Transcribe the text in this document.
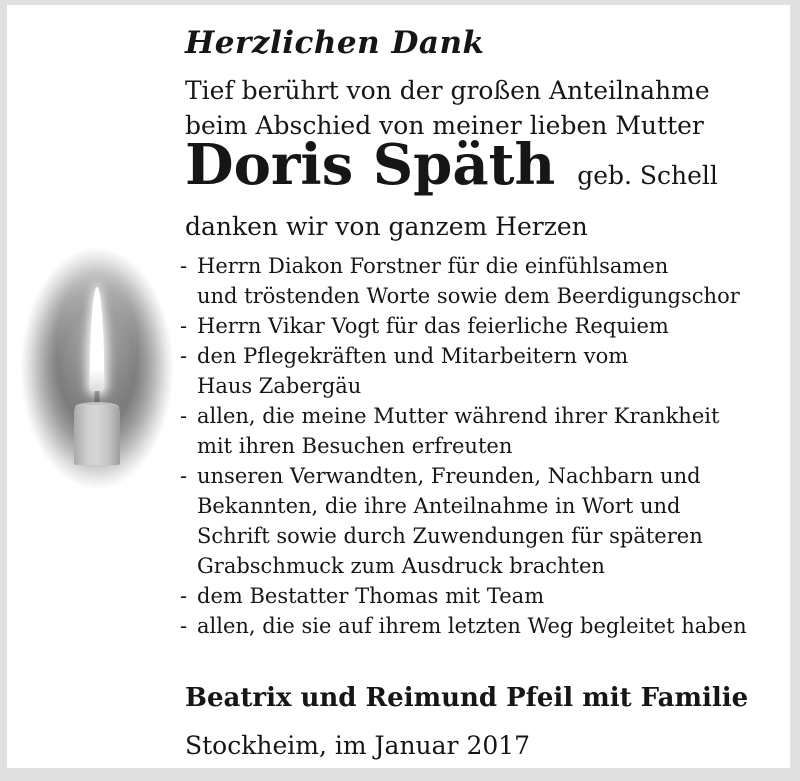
Herzlichen Dank
Tief berührt von der großen Anteilnahme
beim Abschied von meiner lieben Mutter
Doris Späth geb. Schell
danken wir von ganzem Herzen
- Herrn Diakon Forstner für die einfühlsamen
und tröstenden Worte sowie dem Beerdigungschor
- Herrn Vikar Vogt für das feierliche Requiem
- den Pflegekräften und Mitarbeitern vom
Haus Zabergäu
- allen, die meine Mutter während ihrer Krankheit
mit ihren Besuchen erfreuten
- unseren Verwandten, Freunden, Nachbarn und
Bekannten, die ihre Anteilnahme in Wort und
Schrift sowie durch Zuwendungen für späteren
Grabschmuck zum Ausdruck brachten
- dem Bestatter Thomas mit Team
- allen, die sie auf ihrem letzten Weg begleitet haben
Beatrix und Reimund Pfeil mit Familie
Stockheim, im Januar 2017
